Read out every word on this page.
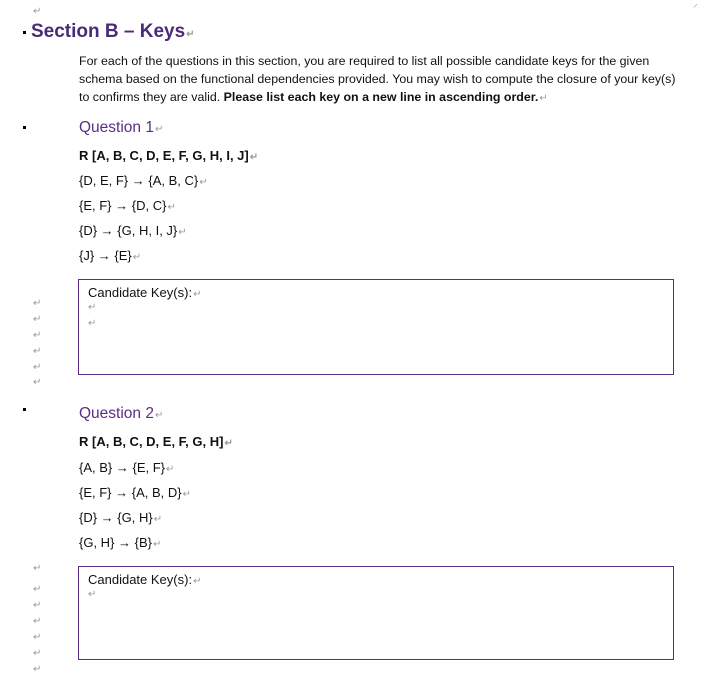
↵	⸍
Section B – Keys↵
For each of the questions in this section, you are required to list all possible candidate keys for the given schema based on the functional dependencies provided. You may wish to compute the closure of your key(s) to confirms they are valid. Please list each key on a new line in ascending order.↵
Question 1↵
R [A, B, C, D, E, F, G, H, I, J]↵
{D, E, F} → {A, B, C}↵
{E, F} → {D, C}↵
{D} → {G, H, I, J}↵
{J} → {E}↵
↵
↵
↵
↵
↵
↵
Candidate Key(s):↵
↵
↵
Question 2↵
R [A, B, C, D, E, F, G, H]↵
{A, B} → {E, F}↵
{E, F} → {A, B, D}↵
{D} → {G, H}↵
{G, H} → {B}↵
↵
↵
↵
↵
↵
↵
↵
Candidate Key(s):↵
↵
